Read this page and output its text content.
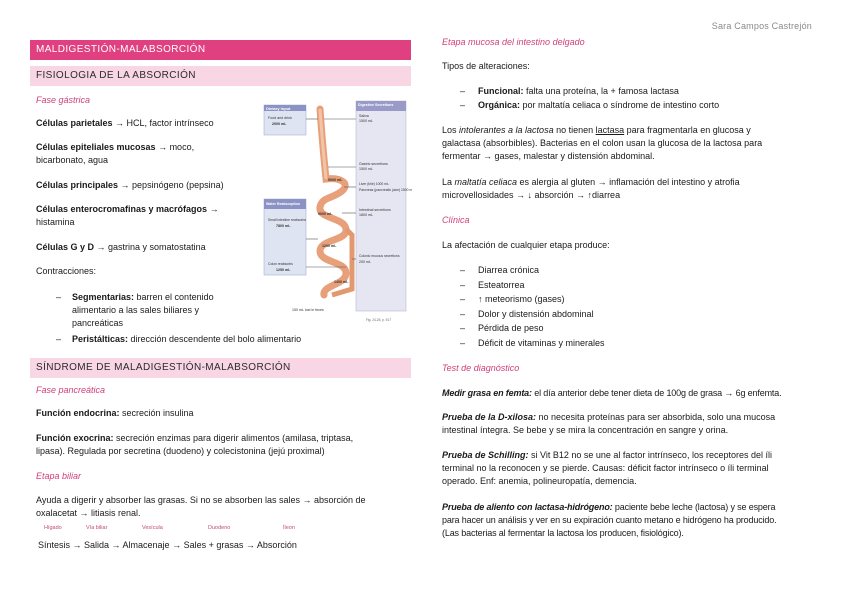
Sara Campos Castrejón
MALDIGESTIÓN-MALABSORCIÓN
FISIOLOGIA DE LA ABSORCIÓN
Fase gástrica
Células parietales → HCL, factor intrínseco
Células epiteliales mucosas → moco,
bicarbonato, agua
Células principales → pepsinógeno (pepsina)
Células enterocromafinas y macrófagos →
histamina
Células G y D → gastrina y somatostatina
Contracciones:
– Segmentarias: barren el contenido
alimentario a las sales biliares y
pancreáticas
– Peristálticas: dirección descendente del bolo alimentario
Dietary Input
Food and drink
2000 mL
Digestive Secretions
Saliva
1500 mL
Gastric secretions
1500 mL
Liver (bile) 1000 mL
Pancreas (pancreatic juice) 1500 mL
Intestinal secretions
1800 mL
Colonic mucous secretions
200 mL
Water Reabsorption
Small intestine reabsorbs
7800 mL
Colon reabsorbs
1250 mL
5000 mL
9000 mL
1200 mL
1400 mL
150 mL lost in feces
Fig. 24-25, p. 917
SÍNDROME DE MALADIGESTIÓN-MALABSORCIÓN
Fase pancreática
Función endocrina: secreción insulina
Función exocrina: secreción enzimas para digerir alimentos (amilasa, triptasa,
lipasa). Regulada por secretina (duodeno) y colecistonina (jejú proximal)
Etapa biliar
Ayuda a digerir y absorber las grasas. Si no se absorben las sales → absorción de
oxalacetat → litiasis renal.
Hígado	Vía biliar	Vesícula	Duodeno	Íleon
Síntesis → Salida → Almacenaje → Sales + grasas → Absorción
Etapa mucosa del intestino delgado
Tipos de alteraciones:
– Funcional: falta una proteína, la + famosa lactasa
– Orgánica: por maltatía celiaca o síndrome de intestino corto
Los intolerantes a la lactosa no tienen lactasa para fragmentarla en glucosa y
galactasa (absorbibles). Bacterias en el colon usan la glucosa de la lactosa para
fermentar → gases, malestar y distensión abdominal.
La maltatía celiaca es alergia al gluten → inflamación del intestino y atrofia
microvellosidades → ↓ absorción → ↑diarrea
Clínica
La afectación de cualquier etapa produce:
– Diarrea crónica
– Esteatorrea
– ↑ meteorismo (gases)
– Dolor y distensión abdominal
– Pérdida de peso
– Déficit de vitaminas y minerales
Test de diagnóstico
Medir grasa en femta: el día anterior debe tener dieta de 100g de grasa → 6g enfemta.
Prueba de la D-xilosa: no necesita proteínas para ser absorbida, solo una mucosa
intestinal íntegra. Se bebe y se mira la concentración en sangre y orina.
Prueba de Schilling: si Vit B12 no se une al factor intrínseco, los receptores del íli
terminal no la reconocen y se pierde. Causas: déficit factor intrínseco o íli terminal
operado. Enf: anemia, polineuropatía, demencia.
Prueba de aliento con lactasa-hidrógeno: paciente bebe leche (lactosa) y se espera
para hacer un análisis y ver en su expiración cuanto metano e hidrógeno ha producido.
(Las bacterias al fermentar la lactosa los producen, fisiológico).
